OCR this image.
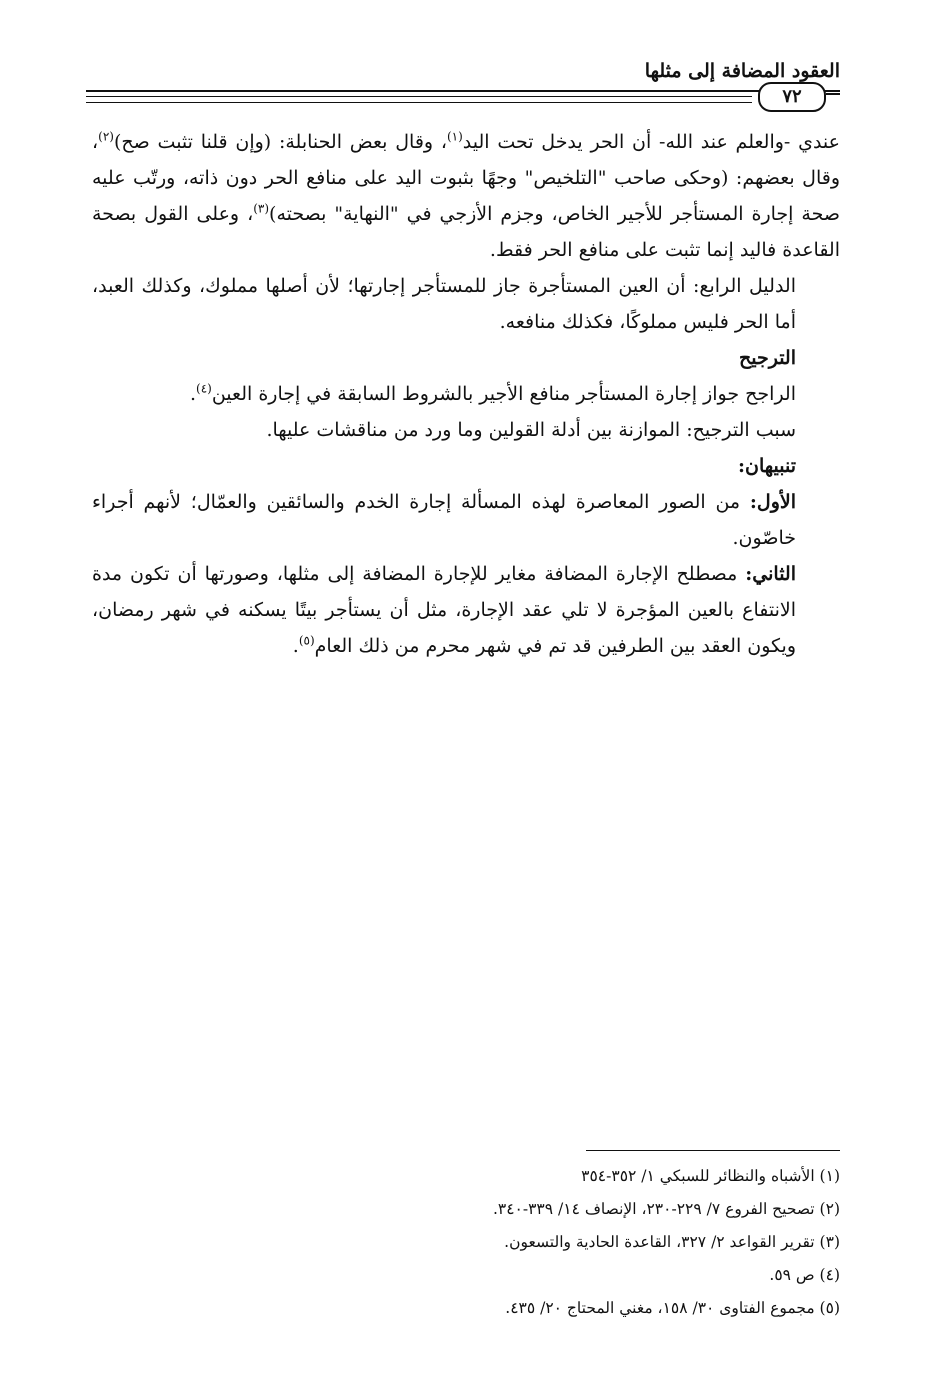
العقود المضافة إلى مثلها
٧٢

عندي -والعلم عند الله- أن الحر يدخل تحت اليد$^{(١)}$، وقال بعض الحنابلة: (وإن قلنا تثبت صح)$^{(٢)}$، وقال بعضهم: (وحكى صاحب "التلخيص" وجهًا بثبوت اليد على منافع الحر دون ذاته، ورتّب عليه صحة إجارة المستأجر للأجير الخاص، وجزم الأزجي في "النهاية" بصحته)$^{(٣)}$، وعلى القول بصحة القاعدة فاليد إنما تثبت على منافع الحر فقط.

الدليل الرابع: أن العين المستأجرة جاز للمستأجر إجارتها؛ لأن أصلها مملوك، وكذلك العبد، أما الحر فليس مملوكًا، فكذلك منافعه.

الترجيح

الراجح جواز إجارة المستأجر منافع الأجير بالشروط السابقة في إجارة العين$^{(٤)}$.

سبب الترجيح: الموازنة بين أدلة القولين وما ورد من مناقشات عليها.

تنبيهان:

الأول: من الصور المعاصرة لهذه المسألة إجارة الخدم والسائقين والعمّال؛ لأنهم أجراء خاصّون.

الثاني: مصطلح الإجارة المضافة مغاير للإجارة المضافة إلى مثلها، وصورتها أن تكون مدة الانتفاع بالعين المؤجرة لا تلي عقد الإجارة، مثل أن يستأجر بيتًا يسكنه في شهر رمضان، ويكون العقد بين الطرفين قد تم في شهر محرم من ذلك العام$^{(٥)}$.

(١) الأشباه والنظائر للسبكي ١/ ٣٥٢-٣٥٤
(٢) تصحيح الفروع ٧/ ٢٢٩-٢٣٠، الإنصاف ١٤/ ٣٣٩-٣٤٠.
(٣) تقرير القواعد ٢/ ٣٢٧، القاعدة الحادية والتسعون.
(٤) ص ٥٩.
(٥) مجموع الفتاوى ٣٠/ ١٥٨، مغني المحتاج ٢٠/ ٤٣٥.
